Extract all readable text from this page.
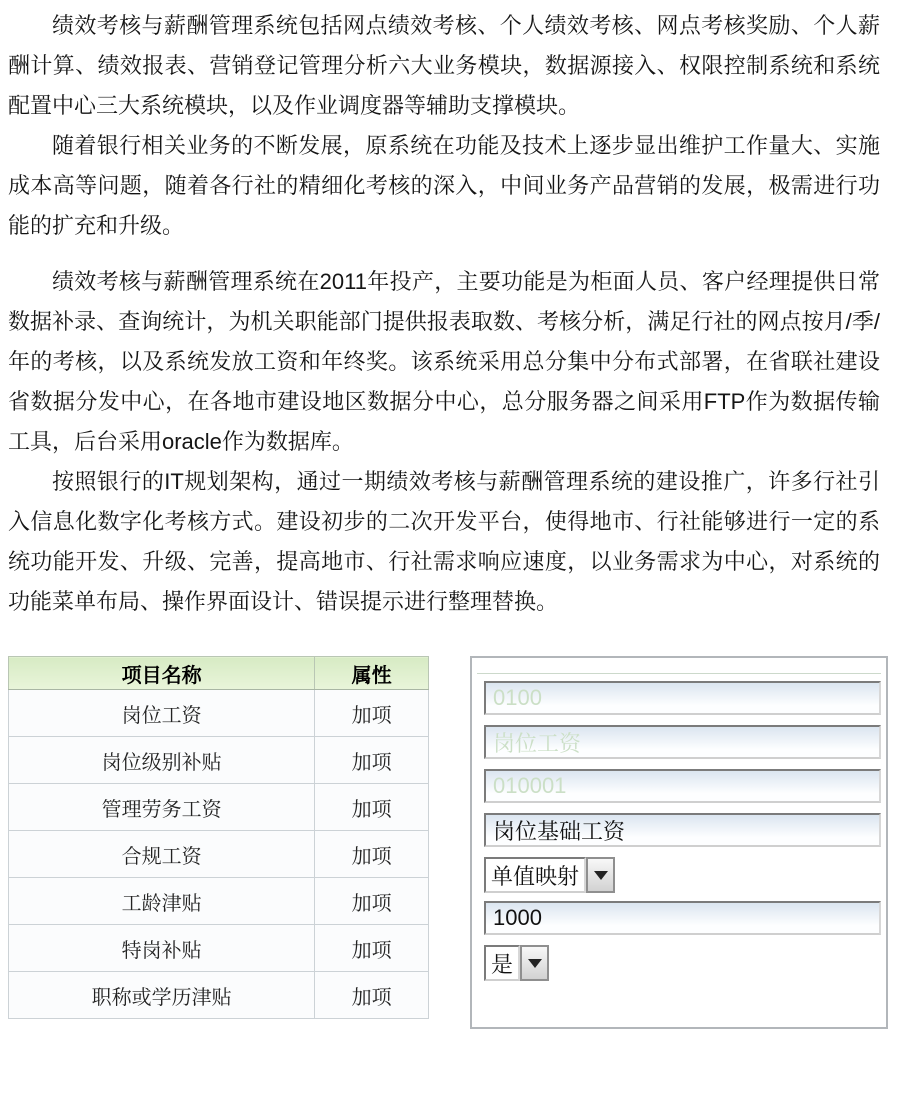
绩效考核与薪酬管理系统包括网点绩效考核、个人绩效考核、网点考核奖励、个人薪酬计算、绩效报表、营销登记管理分析六大业务模块，数据源接入、权限控制系统和系统配置中心三大系统模块，以及作业调度器等辅助支撑模块。

随着银行相关业务的不断发展，原系统在功能及技术上逐步显出维护工作量大、实施成本高等问题，随着各行社的精细化考核的深入，中间业务产品营销的发展，极需进行功能的扩充和升级。

绩效考核与薪酬管理系统在2011年投产，主要功能是为柜面人员、客户经理提供日常数据补录、查询统计，为机关职能部门提供报表取数、考核分析，满足行社的网点按月/季/年的考核，以及系统发放工资和年终奖。该系统采用总分集中分布式部署，在省联社建设省数据分发中心，在各地市建设地区数据分中心，总分服务器之间采用FTP作为数据传输工具，后台采用oracle作为数据库。

按照银行的IT规划架构，通过一期绩效考核与薪酬管理系统的建设推广，许多行社引入信息化数字化考核方式。建设初步的二次开发平台，使得地市、行社能够进行一定的系统功能开发、升级、完善，提高地市、行社需求响应速度，以业务需求为中心，对系统的功能菜单布局、操作界面设计、错误提示进行整理替换。

项目名称	属性
岗位工资	加项
岗位级别补贴	加项
管理劳务工资	加项
合规工资	加项
工龄津贴	加项
特岗补贴	加项
职称或学历津贴	加项
0100
岗位工资
010001
岗位基础工资
单值映射
1000
是
